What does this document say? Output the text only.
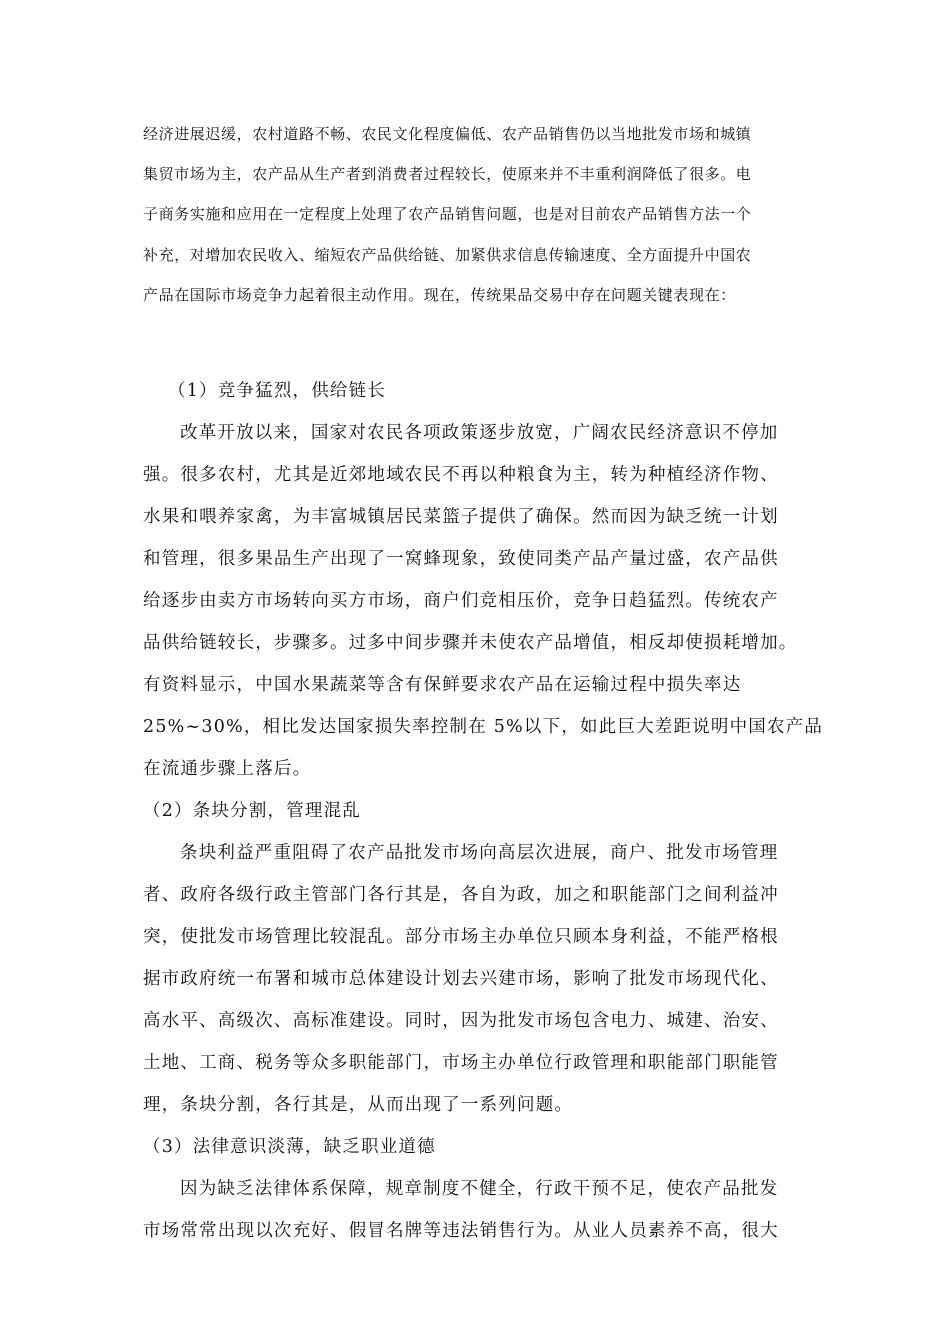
经济进展迟缓，农村道路不畅、农民文化程度偏低、农产品销售仍以当地批发市场和城镇

集贸市场为主，农产品从生产者到消费者过程较长，使原来并不丰重利润降低了很多。电

子商务实施和应用在一定程度上处理了农产品销售问题，也是对目前农产品销售方法一个

补充，对增加农民收入、缩短农产品供给链、加紧供求信息传输速度、全方面提升中国农

产品在国际市场竞争力起着很主动作用。现在，传统果品交易中存在问题关键表现在：

（1）竞争猛烈，供给链长

改革开放以来，国家对农民各项政策逐步放宽，广阔农民经济意识不停加

强。很多农村，尤其是近郊地域农民不再以种粮食为主，转为种植经济作物、

水果和喂养家禽，为丰富城镇居民菜篮子提供了确保。然而因为缺乏统一计划

和管理，很多果品生产出现了一窝蜂现象，致使同类产品产量过盛，农产品供

给逐步由卖方市场转向买方市场，商户们竞相压价，竞争日趋猛烈。传统农产

品供给链较长，步骤多。过多中间步骤并未使农产品增值，相反却使损耗增加。

有资料显示，中国水果蔬菜等含有保鲜要求农产品在运输过程中损失率达

25%~30%，相比发达国家损失率控制在 5%以下，如此巨大差距说明中国农产品

在流通步骤上落后。

（2）条块分割，管理混乱

条块利益严重阻碍了农产品批发市场向高层次进展，商户、批发市场管理

者、政府各级行政主管部门各行其是，各自为政，加之和职能部门之间利益冲

突，使批发市场管理比较混乱。部分市场主办单位只顾本身利益，不能严格根

据市政府统一布署和城市总体建设计划去兴建市场，影响了批发市场现代化、

高水平、高级次、高标准建设。同时，因为批发市场包含电力、城建、治安、

土地、工商、税务等众多职能部门，市场主办单位行政管理和职能部门职能管

理，条块分割，各行其是，从而出现了一系列问题。

（3）法律意识淡薄，缺乏职业道德

因为缺乏法律体系保障，规章制度不健全，行政干预不足，使农产品批发

市场常常出现以次充好、假冒名牌等违法销售行为。从业人员素养不高，很大
